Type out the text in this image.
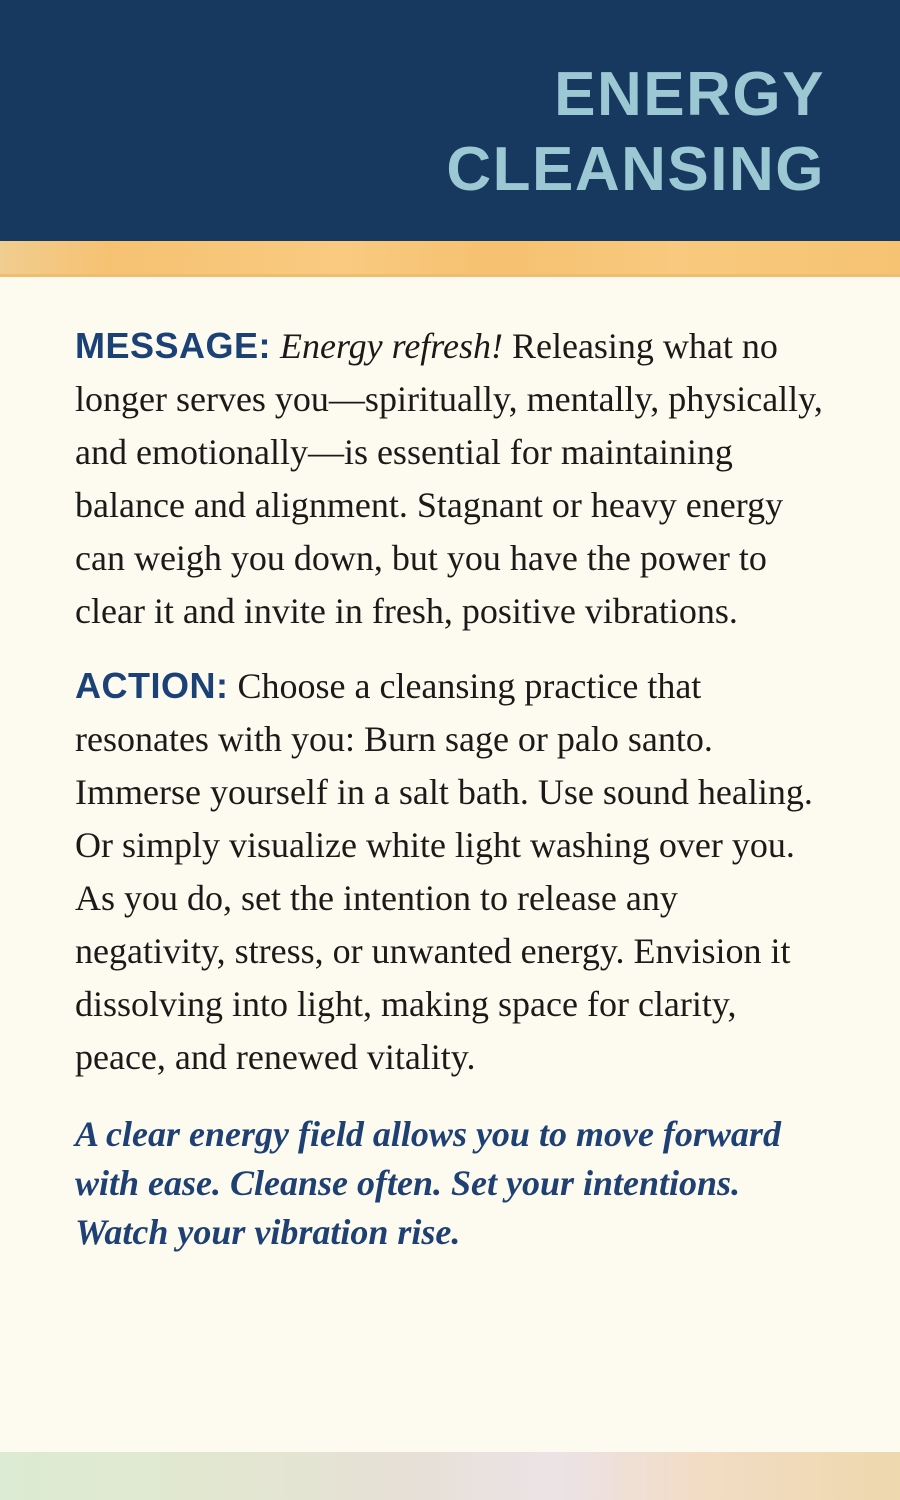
ENERGY
CLEANSING

MESSAGE: Energy refresh! Releasing what no longer serves you—spiritually, mentally, physically, and emotionally—is essential for maintaining balance and alignment. Stagnant or heavy energy can weigh you down, but you have the power to clear it and invite in fresh, positive vibrations.

ACTION: Choose a cleansing practice that resonates with you: Burn sage or palo santo. Immerse yourself in a salt bath. Use sound healing. Or simply visualize white light washing over you. As you do, set the intention to release any negativity, stress, or unwanted energy. Envision it dissolving into light, making space for clarity, peace, and renewed vitality.

A clear energy field allows you to move forward with ease. Cleanse often. Set your intentions. Watch your vibration rise.
